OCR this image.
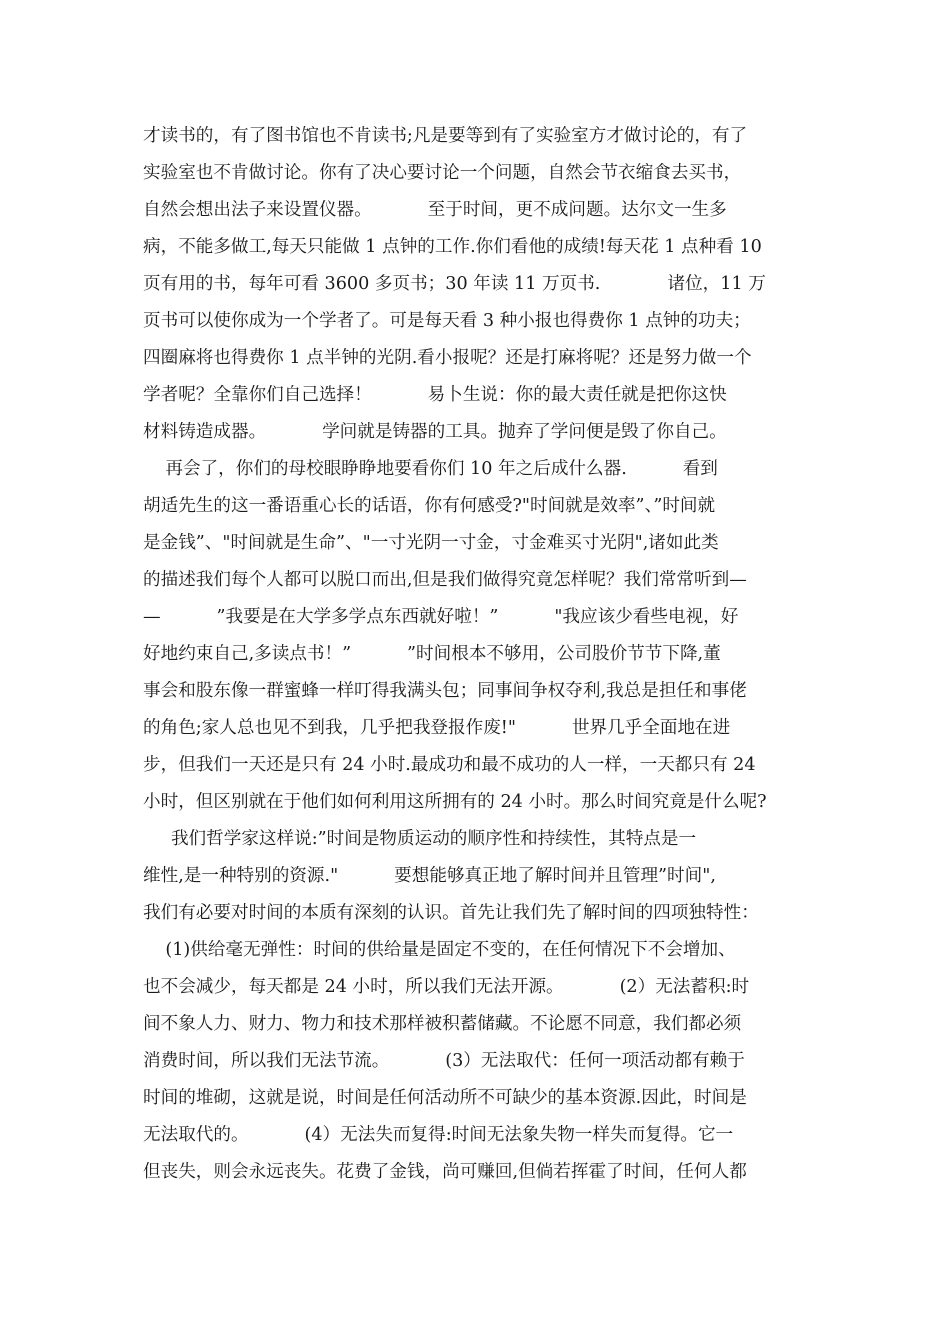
才读书的，有了图书馆也不肯读书;凡是要等到有了实验室方才做讨论的，有了
实验室也不肯做讨论。你有了决心要讨论一个问题，自然会节衣缩食去买书，
自然会想出法子来设置仪器。          至于时间，更不成问题。达尔文一生多
病，不能多做工,每天只能做 1 点钟的工作.你们看他的成绩!每天花 1 点种看 10
页有用的书，每年可看 3600 多页书；30 年读 11 万页书.            诸位，11 万
页书可以使你成为一个学者了。可是每天看 3 种小报也得费你 1 点钟的功夫；
四圈麻将也得费你 1 点半钟的光阴.看小报呢？还是打麻将呢？还是努力做一个
学者呢？全靠你们自己选择！          易卜生说：你的最大责任就是把你这快
材料铸造成器。          学问就是铸器的工具。抛弃了学问便是毁了你自己。
再会了，你们的母校眼睁睁地要看你们 10 年之后成什么器.          看到
胡适先生的这一番语重心长的话语，你有何感受?"时间就是效率”、”时间就
是金钱”、"时间就是生命”、"一寸光阴一寸金，寸金难买寸光阴",诸如此类
的描述我们每个人都可以脱口而出,但是我们做得究竟怎样呢？我们常常听到—
—          ”我要是在大学多学点东西就好啦！”          "我应该少看些电视，好
好地约束自己,多读点书！”          ”时间根本不够用，公司股价节节下降,董
事会和股东像一群蜜蜂一样叮得我满头包；同事间争权夺利,我总是担任和事佬
的角色;家人总也见不到我，几乎把我登报作废!"          世界几乎全面地在进
步，但我们一天还是只有 24 小时.最成功和最不成功的人一样，一天都只有 24
小时，但区别就在于他们如何利用这所拥有的 24 小时。那么时间究竟是什么呢?
我们哲学家这样说:”时间是物质运动的顺序性和持续性，其特点是一
维性,是一种特别的资源."          要想能够真正地了解时间并且管理”时间",
我们有必要对时间的本质有深刻的认识。首先让我们先了解时间的四项独特性：
(1)供给毫无弹性：时间的供给量是固定不变的，在任何情况下不会增加、
也不会减少，每天都是 24 小时，所以我们无法开源。          (2）无法蓄积:时
间不象人力、财力、物力和技术那样被积蓄储藏。不论愿不同意，我们都必须
消费时间，所以我们无法节流。          (3）无法取代：任何一项活动都有赖于
时间的堆砌，这就是说，时间是任何活动所不可缺少的基本资源.因此，时间是
无法取代的。          (4）无法失而复得:时间无法象失物一样失而复得。它一
但丧失，则会永远丧失。花费了金钱，尚可赚回,但倘若挥霍了时间，任何人都
